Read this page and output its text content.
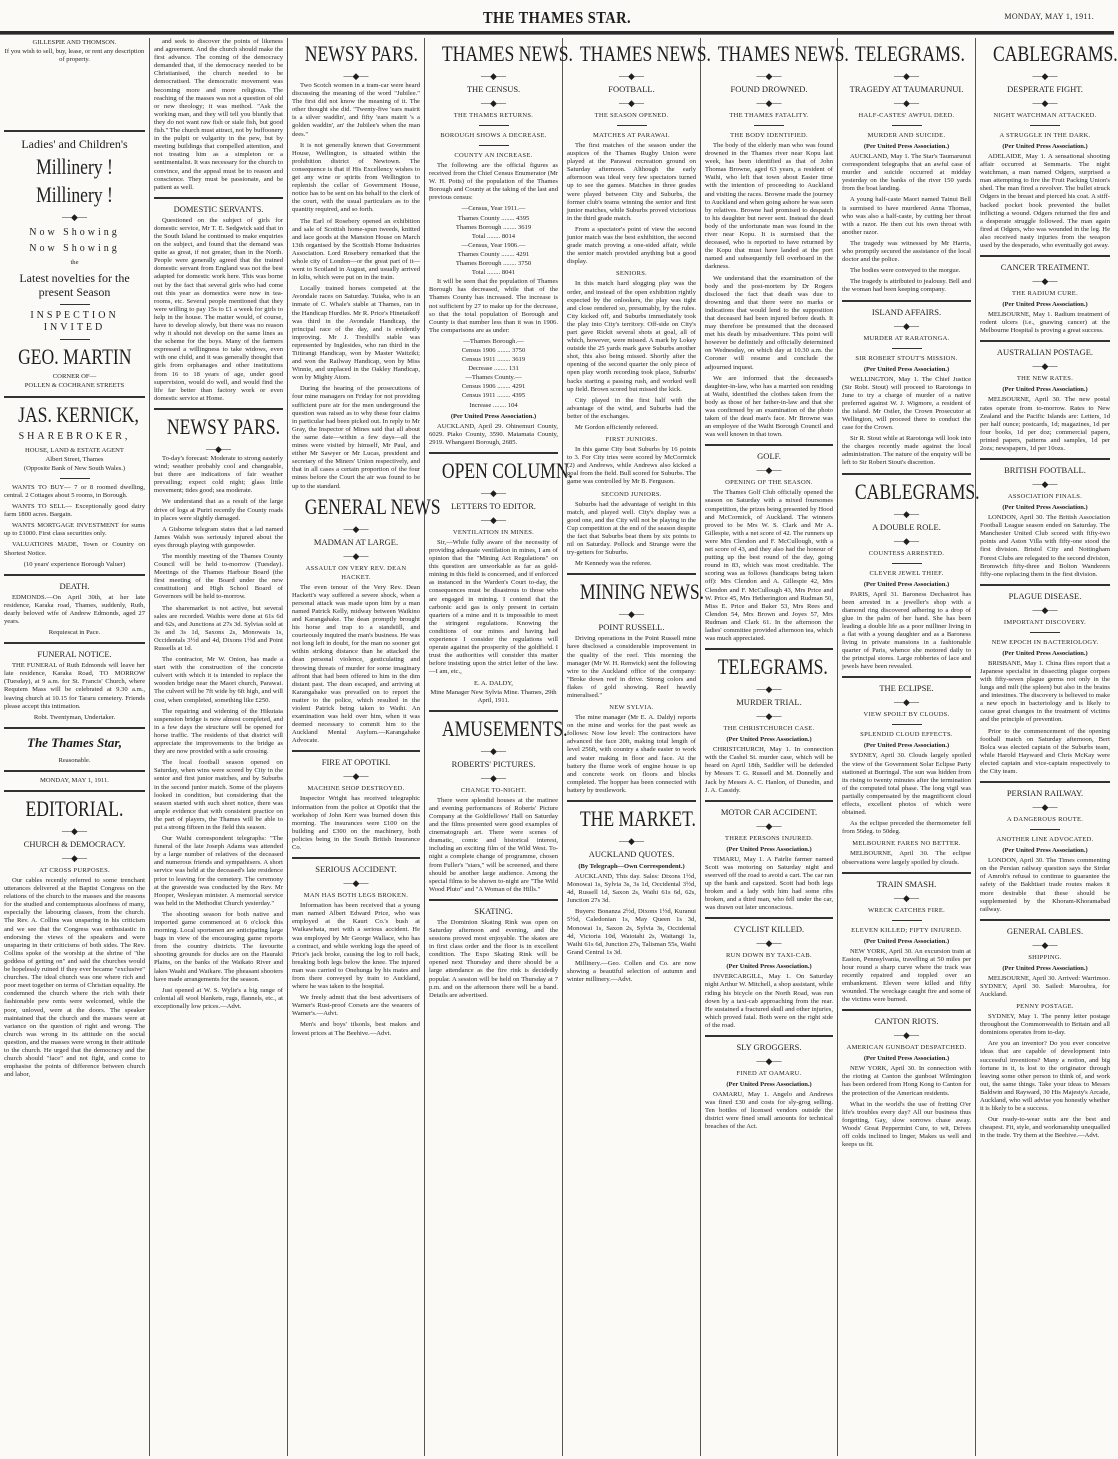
THE THAMES STAR.	MONDAY, MAY 1, 1911.
GILLESPIE AND THOMSON.
If you wish to sell, buy, lease, or rent any description of property.
Ladies' and Children's
Millinery !
Millinery !
—◆—
Now Showing
Now Showing
the
Latest novelties for the present Season
INSPECTION INVITED
GEO. MARTIN
CORNER OF—
POLLEN & COCHRANE STREETS
JAS. KERNICK,
SHAREBROKER,
HOUSE, LAND & ESTATE AGENT
Albert Street, Thames
(Opposite Bank of New South Wales.)
WANTS TO BUY— 7 or 8 roomed dwelling, central. 2 Cottages about 5 rooms, in Borough.
WANTS TO SELL— Exceptionally good dairy farm 1800 acres. Bargain.
WANTS MORTGAGE INVESTMENT for sums up to £1000. First class securities only.
VALUATIONS MADE, Town or Country on Shortest Notice.
(10 years' experience Borough Valuer)
DEATH.
EDMONDS.—On April 30th, at her late residence, Karaka road, Thames, suddenly, Ruth, dearly beloved wife of Andrew Edmonds, aged 27 years.
Requiescat in Pace.
FUNERAL NOTICE.
THE FUNERAL of Ruth Edmonds will leave her late residence, Karaka Road, TO MORROW (Tuesday), at 9 a.m. for St. Francis' Church, where Requiem Mass will be celebrated at 9.30 a.m., leaving church at 10.15 for Tararu cemetery. Friends please accept this intimation.
Robt. Twentyman, Undertaker.
The Thames Star,
Reasonable.
MONDAY, MAY 1, 1911.
EDITORIAL.
—◆—
CHURCH & DEMOCRACY.
—◆—
AT CROSS PURPOSES.
Our cables recently referred to some trenchant utterances delivered at the Baptist Congress on the relations of the church to the masses and the reasons for the studied and contemptuous aloofness of many, especially the labouring classes, from the church. The Rev. A. Collins was unsparing in his criticism and we see that the Congress was enthusiastic in endorsing the views of the speakers and were unsparing in their criticisms of both sides. The Rev. Collins spoke of the worship at the shrine of "the goddess of getting on" and said the churches would be hopelessly ruined if they ever became "exclusive" churches. The ideal church was one where rich and poor meet together on terms of Christian equality. He condemned the church where the rich with their fashionable pew rents were welcomed, while the poor, unloved, were at the doors. The speaker maintained that the church and the masses were at variance on the question of right and wrong. The church was wrong in its attitude on the social question, and the masses were wrong in their attitude to the church. He urged that the democracy and the church should "face" and not fight, and come to emphasise the points of difference between church and labor,
and seek to discover the points of likeness and agreement. And the church should make the first advance. The coming of the democracy demanded that, if the democracy needed to be Christianised, the church needed to be democratised. The democratic movement was becoming more and more religious. The reaching of the masses was not a question of old or new theology; it was method. "Ask the working man, and they will tell you bluntly that they do not want raw fish or stale fish, but good fish." The church must attract, not by buffoonery in the pulpit or vulgarity in the pew, but by meeting buildings that compelled attention, and not treating him as a simpleton or a sentimentalist. It was necessary for the church to convince, and the appeal must be to reason and conscience. They must be passionate, and be patient as well.
DOMESTIC SERVANTS.
Questioned on the subject of girls for domestic service, Mr T. E. Sedgwick said that in the South Island he continued to make enquiries on the subject, and found that the demand was quite as great, if not greater, than in the North. People were generally agreed that the trained domestic servant from England was not the best adapted for domestic work here. This was borne out by the fact that several girls who had come out this year as domestics were now in tea-rooms, etc. Several people mentioned that they were willing to pay 15s to £1 a week for girls to help in the house. The matter would, of course, have to develop slowly, but there was no reason why it should not develop on the same lines as the scheme for the boys. Many of the farmers expressed a willingness to take widows, even with one child, and it was generally thought that girls from orphanages and other institutions from 16 to 18 years of age, under good supervision, would do well, and would find the life far better than factory work or even domestic service at Home.
NEWSY PARS.
—◆—
To-day's forecast: Moderate to strong easterly wind; weather probably cool and changeable, but there are indications of fair weather prevailing; expect cold night; glass little movement; tides good; sea moderate.
We understand that as a result of the large drive of logs at Puriri recently the County roads in places were slightly damaged.
A Gisborne telegram states that a lad named James Walsh was seriously injured about the eyes through playing with gunpowder.
The monthly meeting of the Thames County Council will be held to-morrow (Tuesday). Meetings of the Thames Harbour Board (the first meeting of the Board under the new constitution) and High School Board of Governors will be held to-morrow.
The sharemarket is not active, but several sales are recorded. Waihis were done at 61s 6d and 62s, and Junctions at 27s 3d. Sylvias sold at 3s and 3s 1d, Saxons 2s, Monowais 1s, Occidentals 3½d and 4d, Dixons 1½d and Point Russells at 1d.
The contractor, Mr W. Onion, has made a start with the construction of the concrete culvert with which it is intended to replace the wooden bridge near the Maori church, Parawai. The culvert will be 7ft wide by 6ft high, and will cost, when completed, something like £250.
The repairing and widening of the Hikutaia suspension bridge is now almost completed, and in a few days the structure will be opened for horse traffic. The residents of that district will appreciate the improvements to the bridge as they are now provided with a safe crossing.
The local football season opened on Saturday, when wins were scored by City in the senior and first junior matches, and by Suburbs in the second junior match. Some of the players looked in condition, but considering that the season started with such short notice, there was ample evidence that with consistent practice on the part of players, the Thames will be able to put a strong fifteen in the field this season.
Our Waihi correspondent telegraphs: "The funeral of the late Joseph Adams was attended by a large number of relatives of the deceased and numerous friends and sympathisers. A short service was held at the deceased's late residence prior to leaving for the cemetery. The ceremony at the graveside was conducted by the Rev. Mr Hooper, Wesleyan minister. A memorial service was held in the Methodist Church yesterday."
The shooting season for both native and imported game commenced at 6 o'clock this morning. Local sportsmen are anticipating large bags in view of the encouraging game reports from the country districts. The favourite shooting grounds for ducks are on the Hauraki Plains, on the banks of the Waikato River and lakes Waahi and Waikare. The pheasant shooters have made arrangements for the season.
Just opened at W. S. Wylie's a big range of colonial all wool blankets, rugs, flannels, etc., at exceptionally low prices.—Advt.
NEWSY PARS.
—◆—
Two Scotch women in a tram-car were heard discussing the meaning of the word "Jubilee." The first did not know the meaning of it. The other thought she did. "Twenty-five 'ears mairit is a silver waddin', and fifty 'ears mairit 's a golden waddin', an' the Jubilee's when the man dees."
It is not generally known that Government House, Wellington, is situated within the prohibition district of Newtown. The consequence is that if His Excellency wishes to get any wine or spirits from Wellington to replenish the cellar of Government House, notice has to be sent on his behalf to the clerk of the court, with the usual particulars as to the quantity required, and so forth.
The Earl of Rosebery opened an exhibition and sale of Scottish home-spun tweeds, knitted and lace goods at the Mansion House on March 13th organised by the Scottish Home Industries Association. Lord Rosebery remarked that the whole city of London—or the great part of it—went to Scotland in August, and usually arrived in kilts, which were put on in the train.
Locally trained horses competed at the Avondale races on Saturday. Tuiaka, who is an inmate of C. Whale's stable at Thames, ran in the Handicap Hurdles. Mr R. Price's Hinetaikoff was third in the Avondale Handicap, the principal race of the day, and is evidently improving. Mr J. Treshill's stable was represented by Inglesides, who ran third in the Tiitirangi Handicap, won by Master Waitziki; and won the Railway Handicap, won by Miss Winnie, and unplaced in the Oakley Handicap, won by Mighty Atom.
During the hearing of the prosecutions of four mine managers on Friday for not providing sufficient pure air for the men underground the question was raised as to why these four claims in particular had been picked out. In reply to Mr Gray, the Inspector of Mines said that all about the same date—within a few days—all the mines were visited by himself, Mr Paul, and either Mr Sawyer or Mr Lucas, president and secretary of the Miners' Union respectively, and that in all cases a certain proportion of the four mines before the Court the air was found to be up to the standard.
GENERAL NEWS
—◆—
MADMAN AT LARGE.
—◆—
ASSAULT ON VERY REV. DEAN HACKET.
The even tenour of the Very Rev. Dean Hackett's way suffered a severe shock, when a personal attack was made upon him by a man named Patrick Kelly, midway between Waikino and Karangahake. The dean promptly brought his horse and trap to a standstill, and courteously inquired the man's business. He was not long left in doubt, for the man no sooner got within striking distance than he attacked the dean personal violence, gesticulating and throwing threats of murder for some imaginary affront that had been offered to him in the dim distant past. The dean escaped, and arriving at Karangahake was prevailed on to report the matter to the police, which resulted in the violent Patrick being taken to Waihi. An examination was held over him, when it was deemed necessary to commit him to the Auckland Mental Asylum.—Karangahake Advocate.
FIRE AT OPOTIKI.
—◆—
MACHINE SHOP DESTROYED.
Inspector Wright has received telegraphic information from the police at Opotiki that the workshop of John Kerr was burned down this morning. The insurances were £100 on the building and £300 on the machinery, both policies being in the South British Insurance Co.
SERIOUS ACCIDENT.
—◆—
MAN HAS BOTH LEGS BROKEN.
Information has been received that a young man named Albert Edward Price, who was employed at the Kauri Co.'s bush at Waikawhata, met with a serious accident. He was employed by Mr George Wallace, who has a contract, and while working logs the speed of Price's jack broke, causing the log to roll back, breaking both legs below the knee. The injured man was carried to Onehunga by his mates and from there conveyed by train to Auckland, where he was taken to the hospital.
We freely admit that the best advertisers of Warner's Rust-proof Corsets are the wearers of Warner's.—Advt.
Men's and boys' tilsonls, best makes and lowest prices at The Beehive.—Advt.
THAMES NEWS.
—◆—
THE CENSUS.
—◆—
THE THAMES RETURNS.
BOROUGH SHOWS A DECREASE.
COUNTY AN INCREASE.
The following are the official figures as received from the Chief Census Enumerator (Mr W. H. Potts) of the population of the Thames Borough and County at the taking of the last and previous census:
—Census, Year 1911.—
Thames County ........ 4395
Thames Borough ........ 3619
Total ........ 8014
—Census, Year 1906.—
Thames County ........ 4291
Thames Borough ........ 3750
Total ........ 8041
It will be seen that the population of Thames Borough has decreased, while that of the Thames County has increased. The increase is not sufficient by 27 to make up for the decrease, so that the total population of Borough and County is that number less than it was in 1906. The comparisons are as under:
—Thames Borough.—
Census 1906 ........ 3750
Census 1911 ........ 3619
Decrease ........ 131
—Thames County.—
Census 1906 ........ 4291
Census 1911 ........ 4395
Increase ........ 104
(Per United Press Association.)
AUCKLAND, April 29. Ohinemuri County, 6029. Piako County, 3590. Matamata County, 2919. Whangarei Borough, 2685.
OPEN COLUMN.
—◆—
LETTERS TO EDITOR.
—◆—
VENTILATION IN MINES.
Sir,—While fully aware of the necessity of providing adequate ventilation in mines, I am of opinion that the "Mining Act Regulations" on this question are unworkable as far as gold-mining in this field is concerned, and if enforced as instanced in the Warden's Court to-day, the consequences must be disastrous to those who are engaged in mining. I contend that the carbonic acid gas is only present in certain quarters of a mine and it is impossible to meet the stringent regulations. Knowing the conditions of our mines and having had experience I consider the regulations will operate against the prosperity of the goldfield. I trust the authorities will consider this matter before insisting upon the strict letter of the law.—I am, etc.,
E. A. DALDY,
Mine Manager New Sylvia Mine. Thames, 29th April, 1911.
AMUSEMENTS.
—◆—
ROBERTS' PICTURES.
—◆—
CHANGE TO-NIGHT.
There were splendid houses at the matinee and evening performances of Roberts' Picture Company at the Goldfellows' Hall on Saturday and the films presented were good examples of cinematograph art. There were scenes of dramatic, comic and historical interest, including an exciting film of the Wild West. To-night a complete change of programme, chosen from Fuller's "stars," will be screened, and there should be another large audience. Among the special films to be shown to-night are "The Wild Wood Pluto" and "A Woman of the Hills."
SKATING.
The Dominion Skating Rink was open on Saturday afternoon and evening, and the sessions proved most enjoyable. The skates are in first class order and the floor is in excellent condition. The Expo Skating Rink will be opened next Thursday and there should be a large attendance as the fire rink is decidedly popular. A session will be held on Thursday at 7 p.m. and on the afternoon there will be a band. Details are advertised.
THAMES NEWS.
—◆—
FOOTBALL.
—◆—
THE SEASON OPENED.
MATCHES AT PARAWAI.
The first matches of the season under the auspices of the Thames Rugby Union were played at the Parawai recreation ground on Saturday afternoon. Although the early afternoon was ideal very few spectators turned up to see the games. Matches in three grades were played between City and Suburbs, the former club's teams winning the senior and first junior matches, while Suburbs proved victorious in the third grade match.
From a spectator's point of view the second junior match was the best exhibition, the second grade match proving a one-sided affair, while the senior match provided anything but a good display.
SENIORS.
In this match hard slogging play was the order, and instead of the open exhibition rightly expected by the onlookers, the play was tight and close rendered so, presumably, by the rules. City kicked off, and Suburbs immediately took the play into City's territory. Off-side on City's part gave Rickit several shots at goal, all of which, however, were missed. A mark by Lokey outside the 25 yards mark gave Suburbs another shot, this also being missed. Shortly after the opening of the second quarter the only piece of open play worth recording took place, Suburbs' backs starting a passing rush, and worked well up field. Brown scored but missed the kick.
City played in the first half with the advantage of the wind, and Suburbs had the better of the exchanges.
Mr Gordon efficiently refereed.
FIRST JUNIORS.
In this game City beat Suburbs by 16 points to 3. For City tries were scored by McCormick (2) and Andrews, while Andrews also kicked a goal from the field. Bull scored for Suburbs. The game was controlled by Mr B. Ferguson.
SECOND JUNIORS.
Suburbs had the advantage of weight in this match, and played well. City's display was a good one, and the City will not be playing in the Cup competition at the end of the season despite the fact that Suburbs beat them by six points to nil on Saturday. Pollock and Strange were the try-getters for Suburbs.
Mr Kennedy was the referee.
MINING NEWS.
—◆—
POINT RUSSELL.
Driving operations in the Point Russell mine have disclosed a considerable improvement in the quality of the reef. This morning the manager (Mr W. H. Renwick) sent the following wire to the Auckland office of the company: "Broke down reef in drive. Strong colors and flakes of gold showing. Reef heavily mineralised."
NEW SYLVIA.
The mine manager (Mr E. A. Daldy) reports on the mine and works for the past week as follows: Now low level: The contractors have advanced the face 20ft, making total length of level 256ft, with country a shade easier to work and water making in floor and face. At the battery the flume work of engine house is up and concrete work on floors and blocks completed. The hopper has been connected with battery by trestlework.
THE MARKET.
—◆—
AUCKLAND QUOTES.
(By Telegraph—Own Correspondent.)
AUCKLAND, This day. Sales: Dixons 1½d, Monowai 1s, Sylvia 3s, 3s 1d, Occidental 3½d, 4d, Russell 1d, Saxon 2s, Waihi 61s 6d, 62s, Junction 27s 3d.
Buyers: Bonanza 2½d, Dixons 1½d, Kuranui 5½d, Caledonian 1s, May Queen 1s 3d, Monowai 1s, Saxon 2s, Sylvia 3s, Occidental 4d, Victoria 10d, Waiotahi 2s, Waitangi 1s, Waihi 61s 6d, Junction 27s, Talisman 55s, Waihi Grand Central 1s 3d.
Millinery.—Geo. Collen and Co. are now showing a beautiful selection of autumn and winter millinery.—Advt.
THAMES NEWS.
—◆—
FOUND DROWNED.
—◆—
THE THAMES FATALITY.
THE BODY IDENTIFIED.
The body of the elderly man who was found drowned in the Thames river near Kopu last week, has been identified as that of John Thomas Browne, aged 63 years, a resident of Waihi, who left that town about Easter time with the intention of proceeding to Auckland and visiting the races. Browne made the journey to Auckland and when going ashore he was seen by relatives. Browne had promised to despatch to his daughter but never sent. Instead the dead body of the unfortunate man was found in the river near Kopu. It is surmised that the deceased, who is reported to have returned by the Kopu that must have landed at the port named and subsequently fell overboard in the darkness.
We understand that the examination of the body and the post-mortem by Dr Rogers disclosed the fact that death was due to drowning and that there were no marks or indications that would lend to the supposition that deceased had been injured before death. It may therefore be presumed that the deceased met his death by misadventure. This point will however be definitely and officially determined on Wednesday, on which day at 10.30 a.m. the Coroner will resume and conclude the adjourned inquest.
We are informed that the deceased's daughter-in-law, who has a married son residing at Waihi, identified the clothes taken from the body as those of her father-in-law and that she was confirmed by an examination of the photo taken of the dead man's face. Mr Browne was an employee of the Waihi Borough Council and was well known in that town.
GOLF.
—◆—
OPENING OF THE SEASON.
The Thames Golf Club officially opened the season on Saturday with a mixed foursomes competition, the prizes being presented by Hood and McCormick, of Auckland. The winners proved to be Mrs W. S. Clark and Mr A. Gillespie, with a net score of 42. The runners up were Mrs Clendon and F. McCullough, with a net score of 43, and they also had the honour of putting up the best round of the day, going round in 83, which was most creditable. The scoring was as follows (handicaps being taken off): Mrs Clendon and A. Gillespie 42, Mrs Clendon and F. McCullough 43, Mrs Price and W. Price 45, Mrs Hetherington and Rudman 50, Miss E. Price and Baker 53, Mrs Rees and Clendon 54, Mrs Brown and Joyes 57, Mrs Rudman and Clark 61. In the afternoon the ladies' committee provided afternoon tea, which was much appreciated.
TELEGRAMS.
—◆—
MURDER TRIAL.
—◆—
THE CHRISTCHURCH CASE.
(Per United Press Association.)
CHRISTCHURCH, May 1. In connection with the Cashel St. murder case, which will be heard on April 18th, Saddler will be defended by Messrs T. G. Russell and M. Donnelly and Jack by Messrs A. C. Hanlon, of Dunedin, and J. A. Cassidy.
MOTOR CAR ACCIDENT.
—◆—
THREE PERSONS INJURED.
(Per United Press Association.)
TIMARU, May 1. A Fairlie farmer named Scott was motoring on Saturday night and swerved off the road to avoid a cart. The car ran up the bank and capsized. Scott had both legs broken and a lady with him had some ribs broken, and a third man, who fell under the car, was drawn out later unconscious.
CYCLIST KILLED.
—◆—
RUN DOWN BY TAXI-CAB.
(Per United Press Association.)
INVERCARGILL, May 1. On Saturday night Arthur W. Mitchell, a shop assistant, while riding his bicycle on the North Road, was run down by a taxi-cab approaching from the rear. He sustained a fractured skull and other injuries, which proved fatal. Both were on the right side of the road.
SLY GROGGERS.
—◆—
FINED AT OAMARU.
(Per United Press Association.)
OAMARU, May 1. Angelo and Andrews was fined £30 and costs for sly-grog selling. Ten bottles of licensed vendors outside the district were fined small amounts for technical breaches of the Act.
TELEGRAMS.
—◆—
TRAGEDY AT TAUMARUNUI.
—◆—
HALF-CASTES' AWFUL DEED.
MURDER AND SUICIDE.
(Per United Press Association.)
AUCKLAND, May 1. The Star's Taumarunui correspondent telegraphs that an awful case of murder and suicide occurred at midday yesterday on the banks of the river 150 yards from the boat landing.
A young half-caste Maori named Tainui Bell is surmised to have murdered Anna Thomas, who was also a half-caste, by cutting her throat with a razor. He then cut his own throat with another razor.
The tragedy was witnessed by Mr Harris, who promptly secured the assistance of the local doctor and the police.
The bodies were conveyed to the morgue.
The tragedy is attributed to jealousy. Bell and the woman had been keeping company.
ISLAND AFFAIRS.
—◆—
MURDER AT RARATONGA.
SIR ROBERT STOUT'S MISSION.
(Per United Press Association.)
WELLINGTON, May 1. The Chief Justice (Sir Robt. Stout) will proceed to Rarotonga in June to try a charge of murder of a native preferred against W. J. Wigmore, a resident of the island. Mr Ostler, the Crown Prosecutor at Wellington, will proceed there to conduct the case for the Crown.
Sir R. Stout while at Rarotonga will look into the charges recently made against the local administration. The nature of the enquiry will be left to Sir Robert Stout's discretion.
CABLEGRAMS.
—◆—
A DOUBLE ROLE.
—◆—
COUNTESS ARRESTED.
CLEVER JEWEL THIEF.
(Per United Press Association.)
PARIS, April 31. Baroness Dechastrot has been arrested in a jeweller's shop with a diamond ring discovered adhering to a drop of glue in the palm of her hand. She has been leading a double life as a poor milliner living in a flat with a young daughter and as a Baroness living in private mansions in a fashionable quarter of Paris, whence she motored daily to the principal stores. Large robberies of lace and jewels have been revealed.
THE ECLIPSE.
—◆—
VIEW SPOILT BY CLOUDS.
SPLENDID CLOUD EFFECTS.
(Per United Press Association.)
SYDNEY, April 30. Clouds largely spoiled the view of the Government Solar Eclipse Party stationed at Burringal. The sun was hidden from its rising to twenty minutes after the termination of the computed total phase. The long vigil was partially compensated by the magnificent cloud effects, excellent photos of which were obtained.
As the eclipse preceded the thermometer fell from 56deg. to 50deg.
MELBOURNE FARES NO BETTER.
MELBOURNE, April 30. The eclipse observations were largely spoiled by clouds.
TRAIN SMASH.
—◆—
WRECK CATCHES FIRE.
ELEVEN KILLED; FIFTY INJURED.
(Per United Press Association.)
NEW YORK, April 30. An excursion train at Easton, Pennsylvania, travelling at 50 miles per hour round a sharp curve where the track was recently repaired and toppled over an embankment. Eleven were killed and fifty wounded. The wreckage caught fire and some of the victims were burned.
CANTON RIOTS.
—◆—
AMERICAN GUNBOAT DESPATCHED.
(Per United Press Association.)
NEW YORK, April 30. In connection with the rioting at Canton the gunboat Wilmington has been ordered from Hong Kong to Canton for the protection of the American residents.
What in the world's the use of fretting O'er life's troubles every day? All our business thus forgetting, Gay, slow sorrows chase away. Woods' Great Peppermint Cure, to wit, Drives off colds inclined to linger, Makes us well and keeps us fit.
CABLEGRAMS.
—◆—
DESPERATE FIGHT.
—◆—
NIGHT WATCHMAN ATTACKED.
A STRUGGLE IN THE DARK.
(Per United Press Association.)
ADELAIDE, May 1. A sensational shooting affair occurred at Semmaris. The night watchman, a man named Odgers, surprised a man attempting to fire the Fruit Packing Union's shed. The man fired a revolver. The bullet struck Odgers in the breast and pierced his coat. A stiff-backed pocket book prevented the bullet inflicting a wound. Odgers returned the fire and a desperate struggle followed. The man again fired at Odgers, who was wounded in the leg. He also received nasty injuries from the weapon used by the desperado, who eventually got away.
CANCER TREATMENT.
—◆—
THE RADIUM CURE.
(Per United Press Association.)
MELBOURNE, May 1. Radium treatment of rodent ulcers (i.e., gnawing cancer) at the Melbourne Hospital is proving a great success.
AUSTRALIAN POSTAGE.
—◆—
THE NEW RATES.
(Per United Press Association.)
MELBOURNE, April 30. The new postal rates operate from to-morrow. Rates to New Zealand and the Pacific Islands are: Letters, 1d per half ounce; postcards, 1d; magazines, 1d per four books, 1d per doz; commercial papers, printed papers, patterns and samples, 1d per 2ozs; newspapers, 1d per 10ozs.
BRITISH FOOTBALL.
—◆—
ASSOCIATION FINALS.
(Per United Press Association.)
LONDON, April 30. The British Association Football League season ended on Saturday. The Manchester United Club scored with fifty-two points and Aston Villa with fifty-one stood the first division. Bristol City and Nottingham Forest Clubs are relegated to the second division, Bromwich fifty-three and Bolton Wanderers fifty-one replacing them in the first division.
PLAGUE DISEASE.
—◆—
IMPORTANT DISCOVERY.
NEW EPOCH IN BACTERIOLOGY.
(Per United Press Association.)
BRISBANE, May 1. China flies report that a Japanese specialist in dissecting plague corpses with fifty-seven plague germs not only in the lungs and milt (the spleen) but also in the brains and intestines. The discovery is believed to make a new epoch in bacteriology and is likely to cause great changes in the treatment of victims and the principle of prevention.
Prior to the commencement of the opening football match on Saturday afternoon, Bert Bolca was elected captain of the Suburbs team, while Harold Hayward and Chris McKay were elected captain and vice-captain respectively to the City team.
PERSIAN RAILWAY.
—◆—
A DANGEROUS ROUTE.
ANOTHER LINE ADVOCATED.
(Per United Press Association.)
LONDON, April 30. The Times commenting on the Persian railway question says the Sirdar of Amroh's refusal to continue to guarantee the safety of the Bakhtiari trade routes makes it more desirable that these should be supplemented by the Khoram-Khoramabad railway.
GENERAL CABLES.
—◆—
SHIPPING.
(Per United Press Association.)
MELBOURNE, April 30. Arrived: Warrimoo. SYDNEY, April 30. Sailed: Maroubra, for Auckland.
PENNY POSTAGE.
SYDNEY, May 1. The penny letter postage throughout the Commonwealth to Britain and all dominions operates from to-day.
Are you an inventor? Do you ever conceive ideas that are capable of development into successful inventions? Many a notion, and big fortune in it, is lost to the originator through leaving some other person to think of, and work out, the same things. Take your ideas to Messrs Baldwin and Rayward, 30 His Majesty's Arcade, Auckland, who will advise you honestly whether it is likely to be a success.
Our ready-to-wear suits are the best and cheapest. Fit, style, and workmanship unequalled in the trade. Try them at the Beehive.—Advt.
